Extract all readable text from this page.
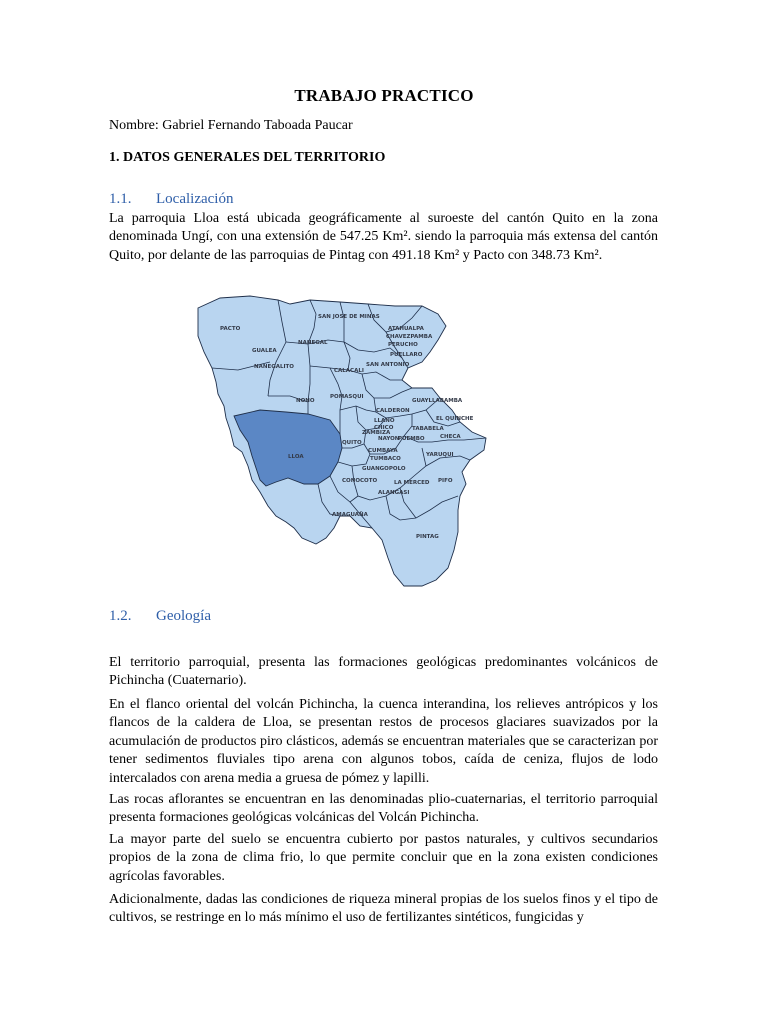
TRABAJO PRACTICO
Nombre: Gabriel Fernando Taboada Paucar
1. DATOS GENERALES DEL TERRITORIO
1.1. Localización

La parroquia Lloa está ubicada geográficamente al suroeste del cantón Quito en la zona denominada Ungí, con una extensión de 547.25 Km². siendo la parroquia más extensa del cantón Quito, por delante de las parroquias de Pintag con 491.18 Km² y Pacto con 348.73 Km².

PACTO
SAN JOSE DE MINAS
ATAHUALPA
CHAVEZPAMBA
PERUCHO
PUELLARO
GUALEA
NANEGAL
NANEGALITO
CALACALI
SAN ANTONIO
POMASQUI
GUAYLLABAMBA
NONO
CALDERON
LLANO
CHICO
EL QUINCHE
ZAMBIZA
TABABELA
NAYON
PUEMBO	CHECA
LLOA
QUITO
CUMBAYA
TUMBACO
YARUQUI
GUANGOPOLO
CONOCOTO	LA MERCED PIFO
ALANGASI
AMAGUAÑA
PINTAG
1.2. Geología

El territorio parroquial, presenta las formaciones geológicas predominantes volcánicos de Pichincha (Cuaternario).

En el flanco oriental del volcán Pichincha, la cuenca interandina, los relieves antrópicos y los flancos de la caldera de Lloa, se presentan restos de procesos glaciares suavizados por la acumulación de productos piro clásticos, además se encuentran materiales que se caracterizan por tener sedimentos fluviales tipo arena con algunos tobos, caída de ceniza, flujos de lodo intercalados con arena media a gruesa de pómez y lapilli.

Las rocas aflorantes se encuentran en las denominadas plio-cuaternarias, el territorio parroquial presenta formaciones geológicas volcánicas del Volcán Pichincha.

La mayor parte del suelo se encuentra cubierto por pastos naturales, y cultivos secundarios propios de la zona de clima frio, lo que permite concluir que en la zona existen condiciones agrícolas favorables.

Adicionalmente, dadas las condiciones de riqueza mineral propias de los suelos finos y el tipo de cultivos, se restringe en lo más mínimo el uso de fertilizantes sintéticos, fungicidas y
